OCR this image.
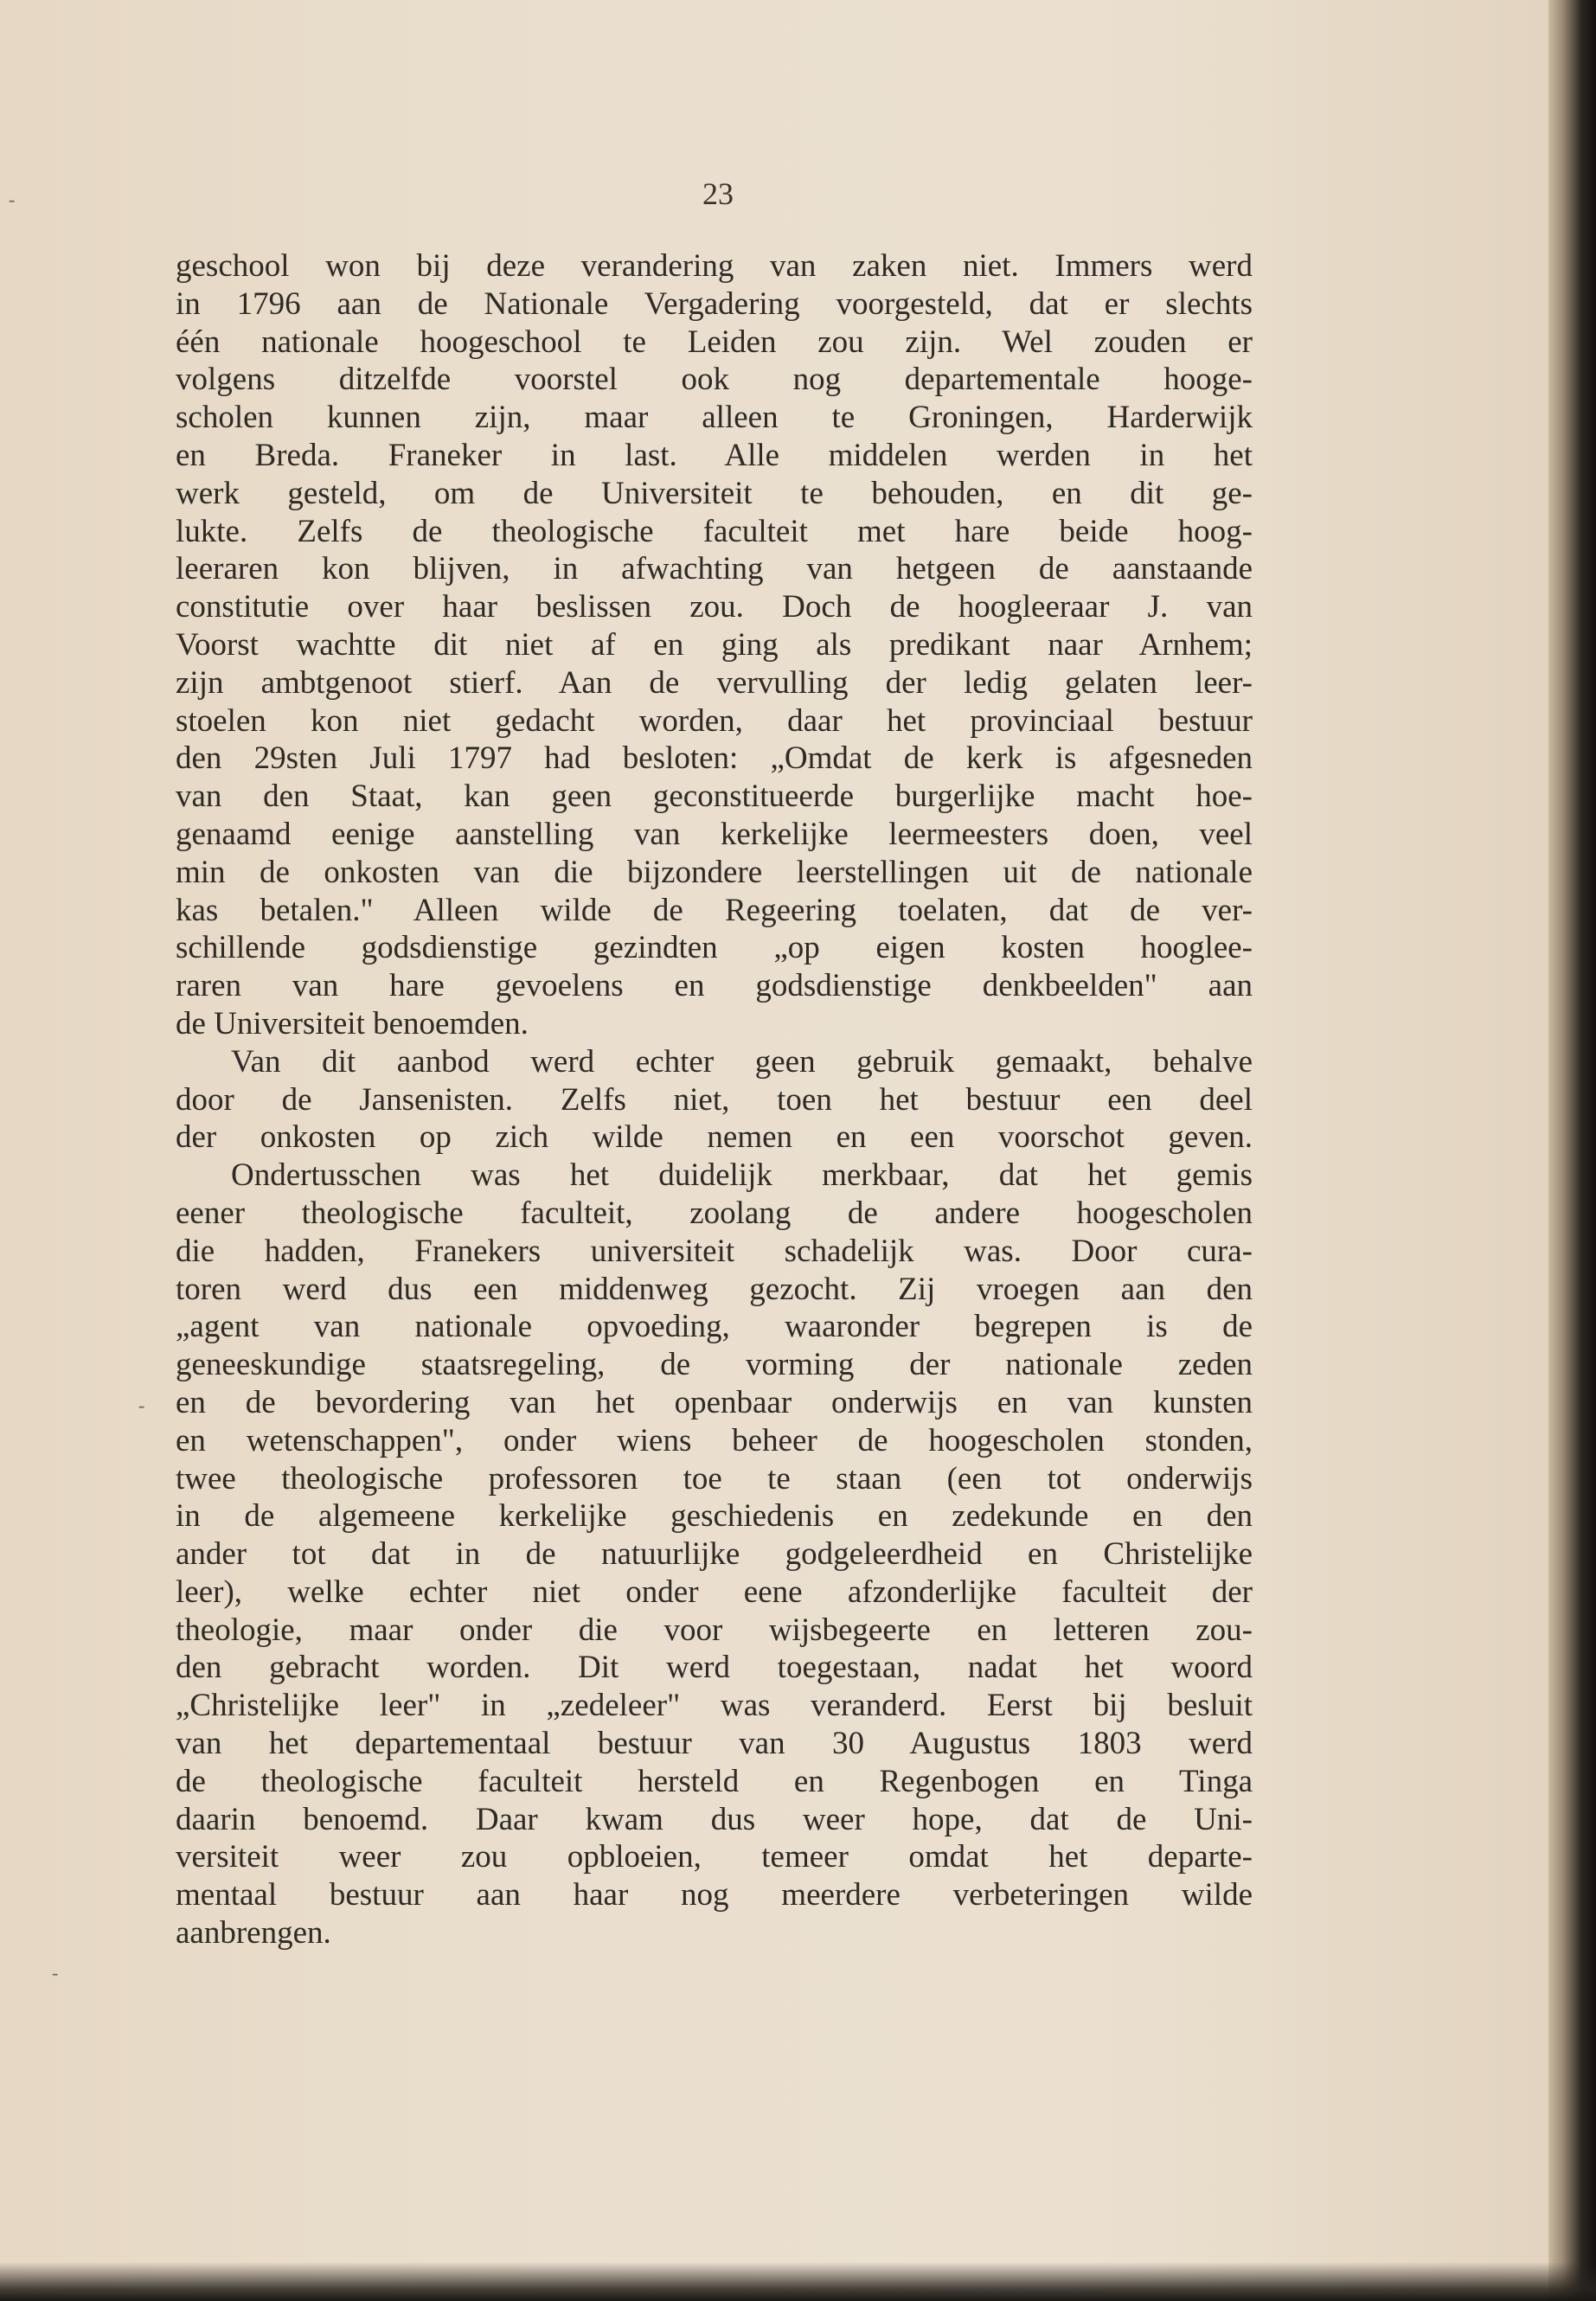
23
geschool won bij deze verandering van zaken niet. Immers werd
in 1796 aan de Nationale Vergadering voorgesteld, dat er slechts
één nationale hoogeschool te Leiden zou zijn. Wel zouden er
volgens ditzelfde voorstel ook nog departementale hooge-
scholen kunnen zijn, maar alleen te Groningen, Harderwijk
en Breda. Franeker in last. Alle middelen werden in het
werk gesteld, om de Universiteit te behouden, en dit ge-
lukte. Zelfs de theologische faculteit met hare beide hoog-
leeraren kon blijven, in afwachting van hetgeen de aanstaande
constitutie over haar beslissen zou. Doch de hoogleeraar J. van
Voorst wachtte dit niet af en ging als predikant naar Arnhem;
zijn ambtgenoot stierf. Aan de vervulling der ledig gelaten leer-
stoelen kon niet gedacht worden, daar het provinciaal bestuur
den 29sten Juli 1797 had besloten: „Omdat de kerk is afgesneden
van den Staat, kan geen geconstitueerde burgerlijke macht hoe-
genaamd eenige aanstelling van kerkelijke leermeesters doen, veel
min de onkosten van die bijzondere leerstellingen uit de nationale
kas betalen." Alleen wilde de Regeering toelaten, dat de ver-
schillende godsdienstige gezindten „op eigen kosten hooglee-
raren van hare gevoelens en godsdienstige denkbeelden" aan
de Universiteit benoemden.
Van dit aanbod werd echter geen gebruik gemaakt, behalve
door de Jansenisten. Zelfs niet, toen het bestuur een deel
der onkosten op zich wilde nemen en een voorschot geven.
Ondertusschen was het duidelijk merkbaar, dat het gemis
eener theologische faculteit, zoolang de andere hoogescholen
die hadden, Franekers universiteit schadelijk was. Door cura-
toren werd dus een middenweg gezocht. Zij vroegen aan den
„agent van nationale opvoeding, waaronder begrepen is de
geneeskundige staatsregeling, de vorming der nationale zeden
en de bevordering van het openbaar onderwijs en van kunsten
en wetenschappen", onder wiens beheer de hoogescholen stonden,
twee theologische professoren toe te staan (een tot onderwijs
in de algemeene kerkelijke geschiedenis en zedekunde en den
ander tot dat in de natuurlijke godgeleerdheid en Christelijke
leer), welke echter niet onder eene afzonderlijke faculteit der
theologie, maar onder die voor wijsbegeerte en letteren zou-
den gebracht worden. Dit werd toegestaan, nadat het woord
„Christelijke leer" in „zedeleer" was veranderd. Eerst bij besluit
van het departementaal bestuur van 30 Augustus 1803 werd
de theologische faculteit hersteld en Regenbogen en Tinga
daarin benoemd. Daar kwam dus weer hope, dat de Uni-
versiteit weer zou opbloeien, temeer omdat het departe-
mentaal bestuur aan haar nog meerdere verbeteringen wilde
aanbrengen.
-
-
-
